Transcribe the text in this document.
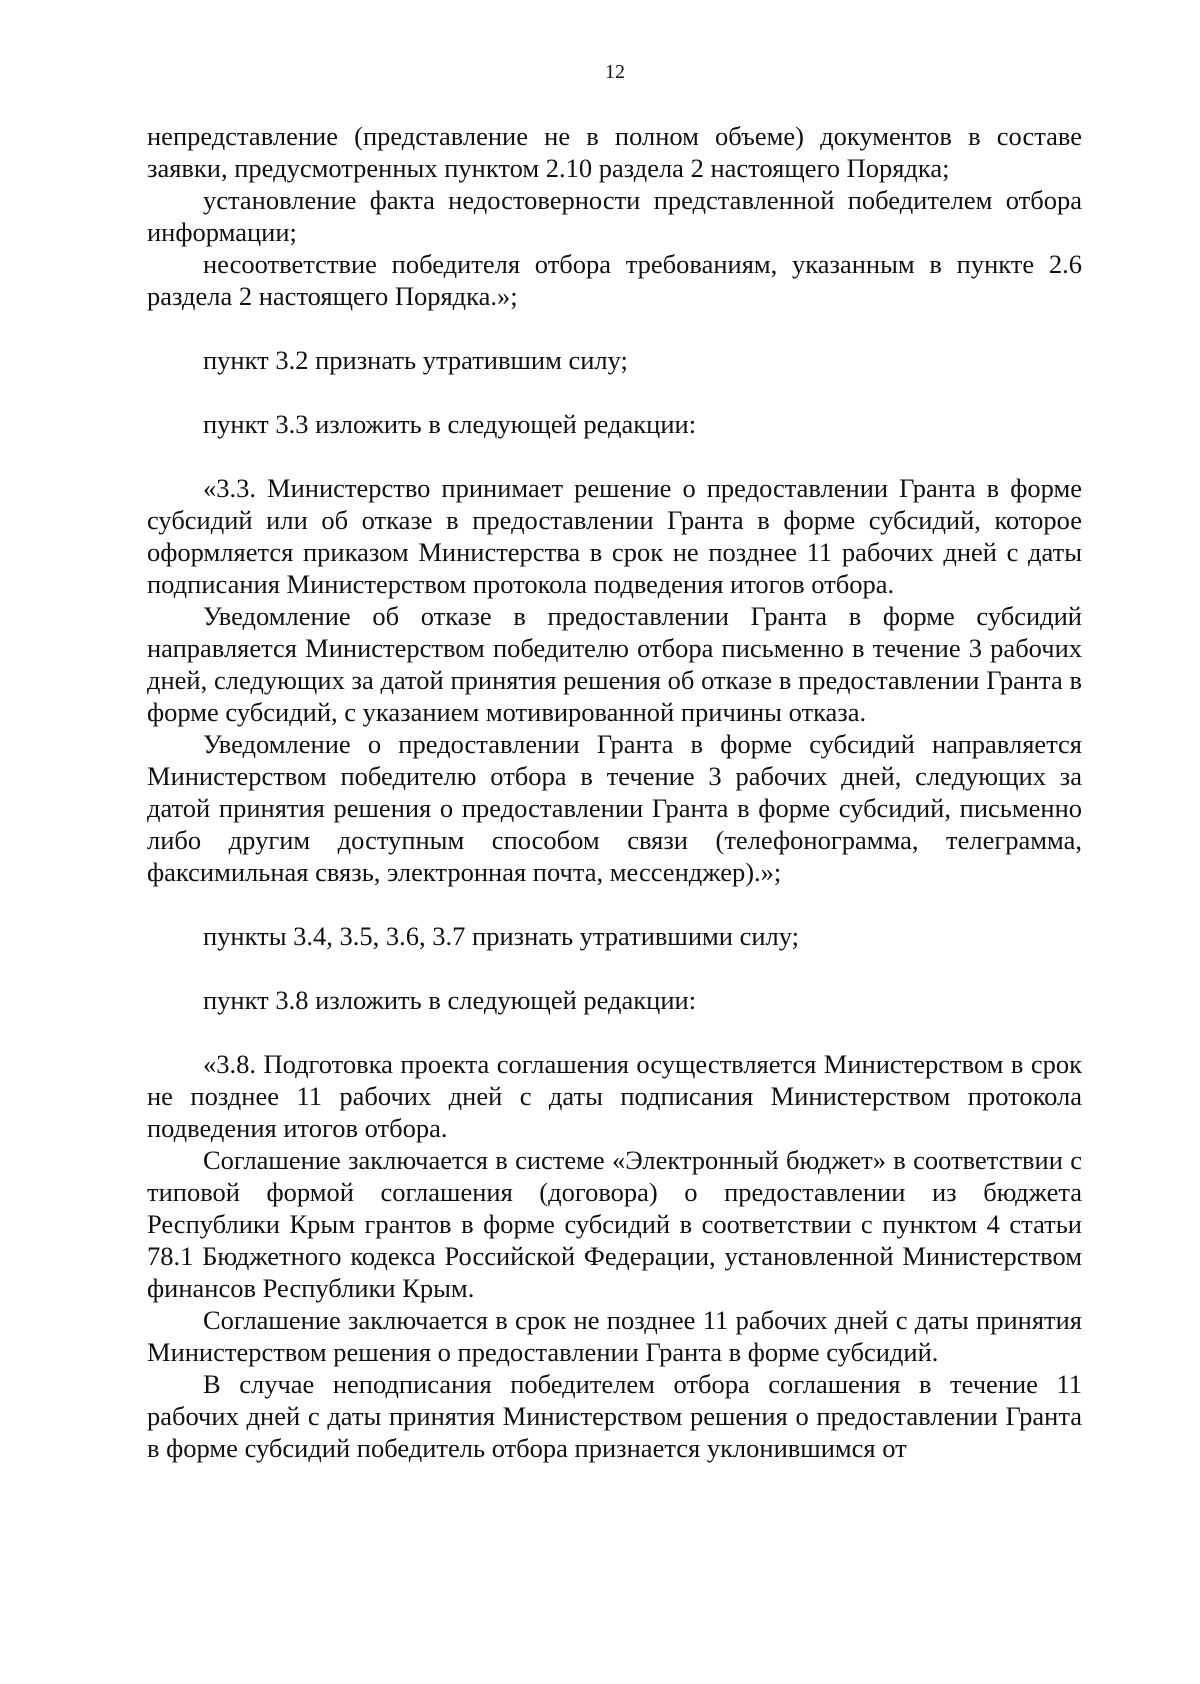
12

непредставление (представление не в полном объеме) документов в составе заявки, предусмотренных пунктом 2.10 раздела 2 настоящего Порядка;

установление факта недостоверности представленной победителем отбора информации;

несоответствие победителя отбора требованиям, указанным в пункте 2.6 раздела 2 настоящего Порядка.»;

пункт 3.2 признать утратившим силу;

пункт 3.3 изложить в следующей редакции:

«3.3. Министерство принимает решение о предоставлении Гранта в форме субсидий или об отказе в предоставлении Гранта в форме субсидий, которое оформляется приказом Министерства в срок не позднее 11 рабочих дней с даты подписания Министерством протокола подведения итогов отбора.

Уведомление об отказе в предоставлении Гранта в форме субсидий направляется Министерством победителю отбора письменно в течение 3 рабочих дней, следующих за датой принятия решения об отказе в предоставлении Гранта в форме субсидий, с указанием мотивированной причины отказа.

Уведомление о предоставлении Гранта в форме субсидий направляется Министерством победителю отбора в течение 3 рабочих дней, следующих за датой принятия решения о предоставлении Гранта в форме субсидий, письменно либо другим доступным способом связи (телефонограмма, телеграмма, факсимильная связь, электронная почта, мессенджер).»;

пункты 3.4, 3.5, 3.6, 3.7 признать утратившими силу;

пункт 3.8 изложить в следующей редакции:

«3.8. Подготовка проекта соглашения осуществляется Министерством в срок не позднее 11 рабочих дней с даты подписания Министерством протокола подведения итогов отбора.

Соглашение заключается в системе «Электронный бюджет» в соответствии с типовой формой соглашения (договора) о предоставлении из бюджета Республики Крым грантов в форме субсидий в соответствии с пунктом 4 статьи 78.1 Бюджетного кодекса Российской Федерации, установленной Министерством финансов Республики Крым.

Соглашение заключается в срок не позднее 11 рабочих дней с даты принятия Министерством решения о предоставлении Гранта в форме субсидий.

В случае неподписания победителем отбора соглашения в течение 11 рабочих дней с даты принятия Министерством решения о предоставлении Гранта в форме субсидий победитель отбора признается уклонившимся от
